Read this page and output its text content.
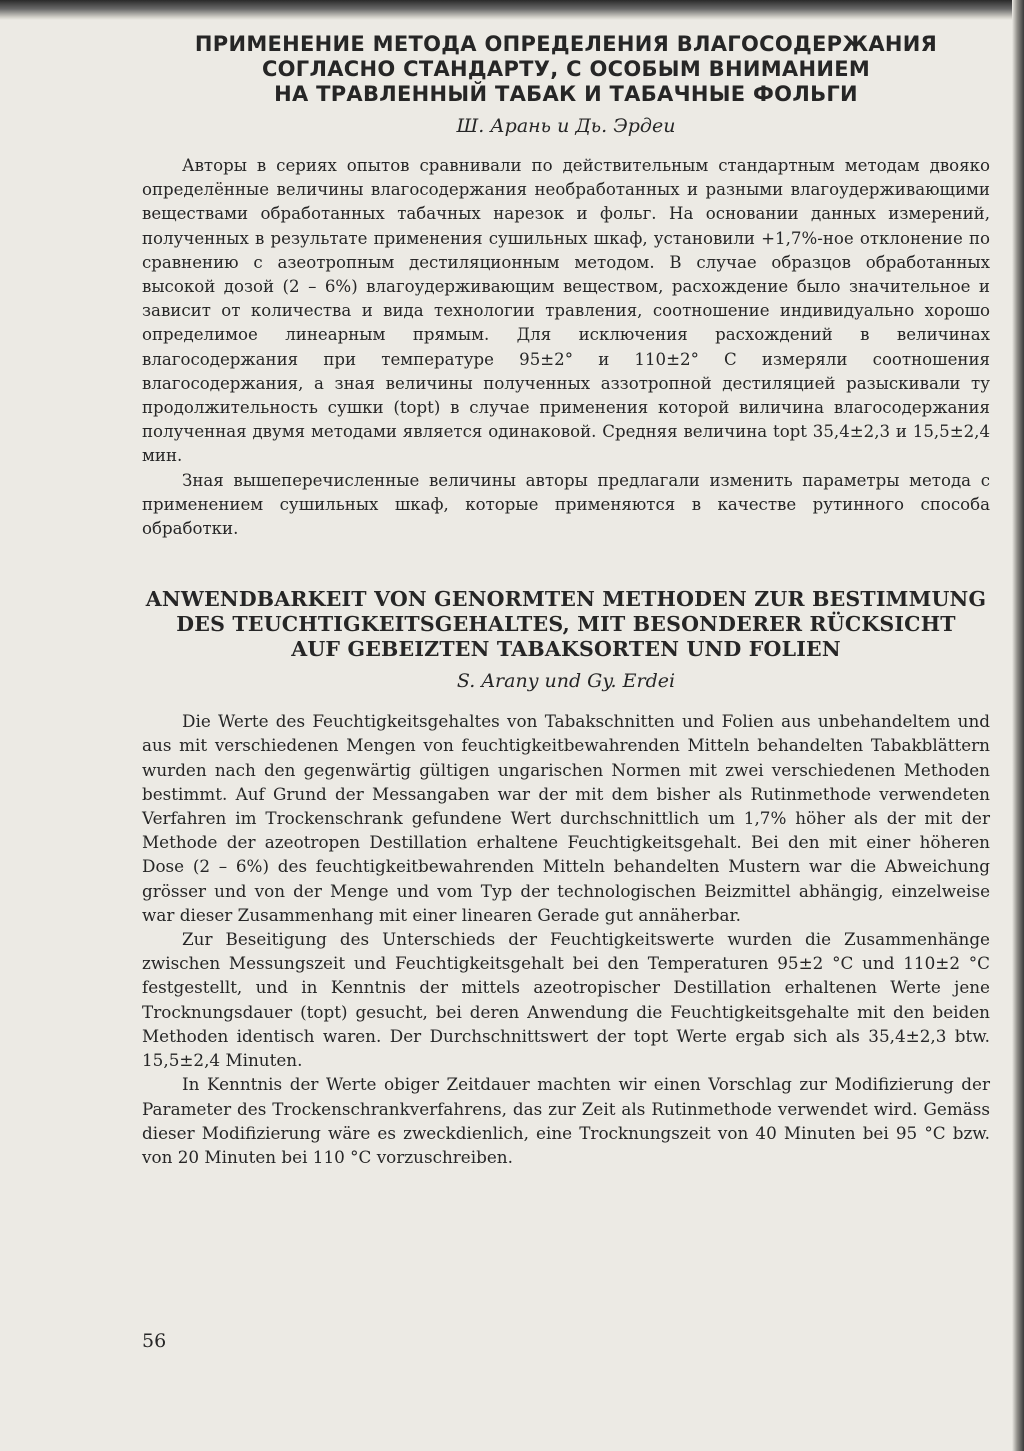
ПРИМЕНЕНИЕ МЕТОДА ОПРЕДЕЛЕНИЯ ВЛАГОСОДЕРЖАНИЯ
СОГЛАСНО СТАНДАРТУ, С ОСОБЫМ ВНИМАНИЕМ
НА ТРАВЛЕННЫЙ ТАБАК И ТАБАЧНЫЕ ФОЛЬГИ
Ш. Арань и Дь. Эрдеи

Авторы в сериях опытов сравнивали по действительным стандартным методам двояко определённые величины влагосодержания необработанных и разными влагоудерживающими веществами обработанных табачных нарезок и фольг. На основании данных измерений, полученных в результате применения сушильных шкаф, установили +1,7%-ное отклонение по сравнению с азеотропным дестиляционным методом. В случае образцов обработанных высокой дозой (2 – 6%) влагоудерживающим веществом, расхождение было значительное и зависит от количества и вида технологии травления, соотношение индивидуально хорошо определимое линеарным прямым. Для исключения расхождений в величинах влагосодержания при температуре 95±2° и 110±2° С измеряли соотношения влагосодержания, а зная величины полученных аззотропной дестиляцией разыскивали ту продолжительность сушки (topt) в случае применения которой виличина влагосодержания полученная двумя методами является одинаковой. Средняя величина topt 35,4±2,3 и 15,5±2,4 мин.

Зная вышеперечисленные величины авторы предлагали изменить параметры метода с применением сушильных шкаф, которые применяются в качестве рутинного способа обработки.

ANWENDBARKEIT VON GENORMTEN METHODEN ZUR BESTIMMUNG
DES TEUCHTIGKEITSGEHALTES, MIT BESONDERER RÜCKSICHT
AUF GEBEIZTEN TABAKSORTEN UND FOLIEN
S. Arany und Gy. Erdei

Die Werte des Feuchtigkeitsgehaltes von Tabakschnitten und Folien aus unbehandeltem und aus mit verschiedenen Mengen von feuchtigkeitbewahrenden Mitteln behandelten Tabakblättern wurden nach den gegenwärtig gültigen ungarischen Normen mit zwei verschiedenen Methoden bestimmt. Auf Grund der Messangaben war der mit dem bisher als Rutinmethode verwendeten Verfahren im Trockenschrank gefundene Wert durchschnittlich um 1,7% höher als der mit der Methode der azeotropen Destillation erhaltene Feuchtigkeitsgehalt. Bei den mit einer höheren Dose (2 – 6%) des feuchtigkeitbewahrenden Mitteln behandelten Mustern war die Abweichung grösser und von der Menge und vom Typ der technologischen Beizmittel abhängig, einzelweise war dieser Zusammenhang mit einer linearen Gerade gut annäherbar.

Zur Beseitigung des Unterschieds der Feuchtigkeitswerte wurden die Zusammenhänge zwischen Messungszeit und Feuchtigkeitsgehalt bei den Temperaturen 95±2 °C und 110±2 °C festgestellt, und in Kenntnis der mittels azeotropischer Destillation erhaltenen Werte jene Trocknungsdauer (topt) gesucht, bei deren Anwendung die Feuchtigkeitsgehalte mit den beiden Methoden identisch waren. Der Durchschnittswert der topt Werte ergab sich als 35,4±2,3 btw. 15,5±2,4 Minuten.

In Kenntnis der Werte obiger Zeitdauer machten wir einen Vorschlag zur Modifizierung der Parameter des Trockenschrankverfahrens, das zur Zeit als Rutinmethode verwendet wird. Gemäss dieser Modifizierung wäre es zweckdienlich, eine Trocknungszeit von 40 Minuten bei 95 °C bzw. von 20 Minuten bei 110 °C vorzuschreiben.

56
